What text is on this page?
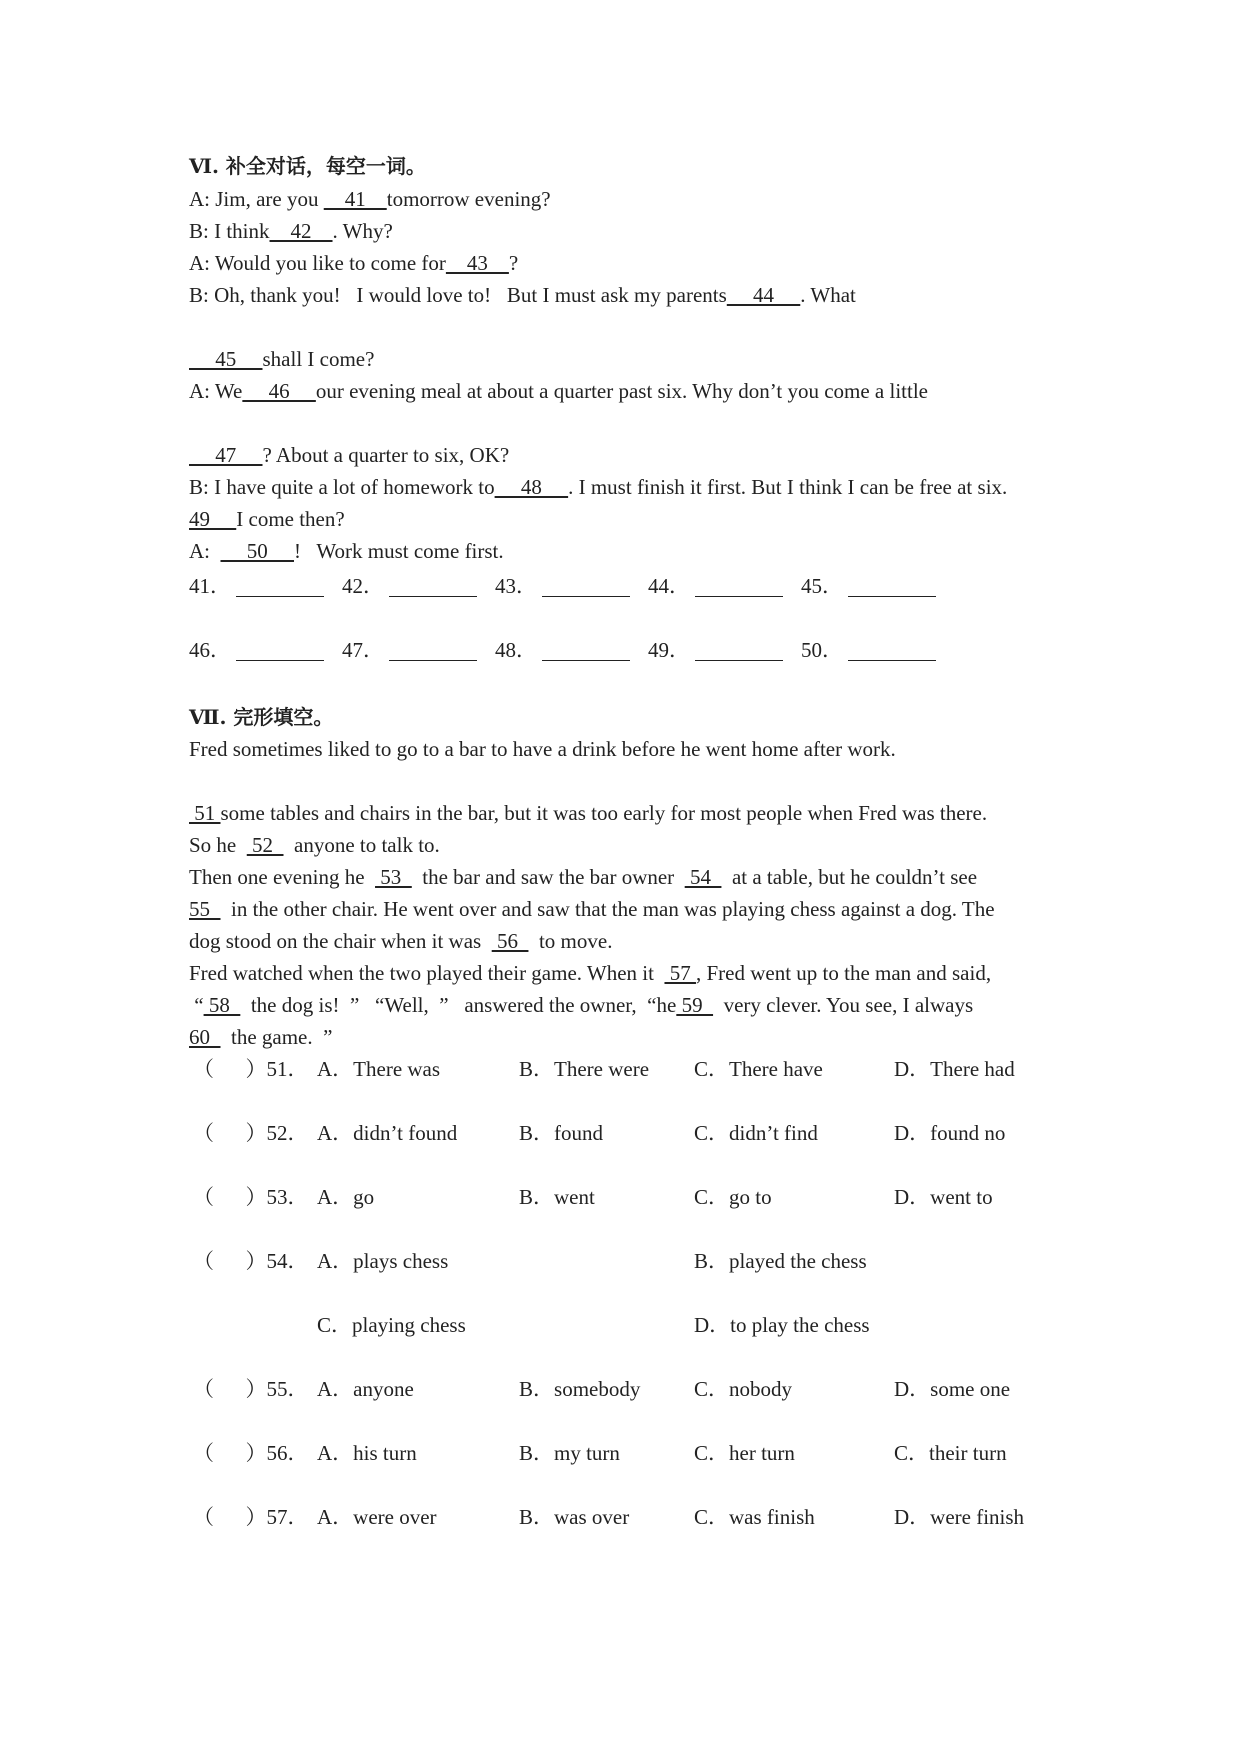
Ⅵ. 补全对话，每空一词。
A: Jim, are you     41    tomorrow evening?
B: I think    42    . Why?
A: Would you like to come for    43    ?
B: Oh, thank you!   I would love to!   But I must ask my parents     44     . What
45     shall I come?
A: We     46     our evening meal at about a quarter past six. Why don’t you come a little
47     ? About a quarter to six, OK?
B: I have quite a lot of homework to     48     . I must finish it first. But I think I can be free at six.
49     I come then?
A:       50     !   Work must come first.
41．	42．	43．	44．	45．
46．	47．	48．	49．	50．
Ⅶ. 完形填空。
Fred sometimes liked to go to a bar to have a drink before he went home after work.
51 some tables and chairs in the bar, but it was too early for most people when Fred was there.
So he   52    anyone to talk to.
Then one evening he   53    the bar and saw the bar owner   54    at a table, but he couldn’t see
55    in the other chair. He went over and saw that the man was playing chess against a dog. The
dog stood on the chair when it was   56    to move.
Fred watched when the two played their game. When it   57 , Fred went up to the man and said,
“ 58    the dog is!  ”   “Well,  ”   answered the owner,  “he 59    very clever. You see, I always
60    the game.  ”
（      ）51． A．There was	B．There were C．There have	D．There had
（      ）52． A．didn’t found	B．found	C．didn’t find	D．found no
（      ）53． A．go	B．went	C．go to	D．went to
（      ）54． A．plays chess	B．played the chess
C．playing chess	D．to play the chess
（      ）55． A．anyone	B．somebody	C．nobody	D．some one
（      ）56． A．his turn	B．my turn	C．her turn	C．their turn
（      ）57． A．were over	B．was over	C．was finish	D．were finish
